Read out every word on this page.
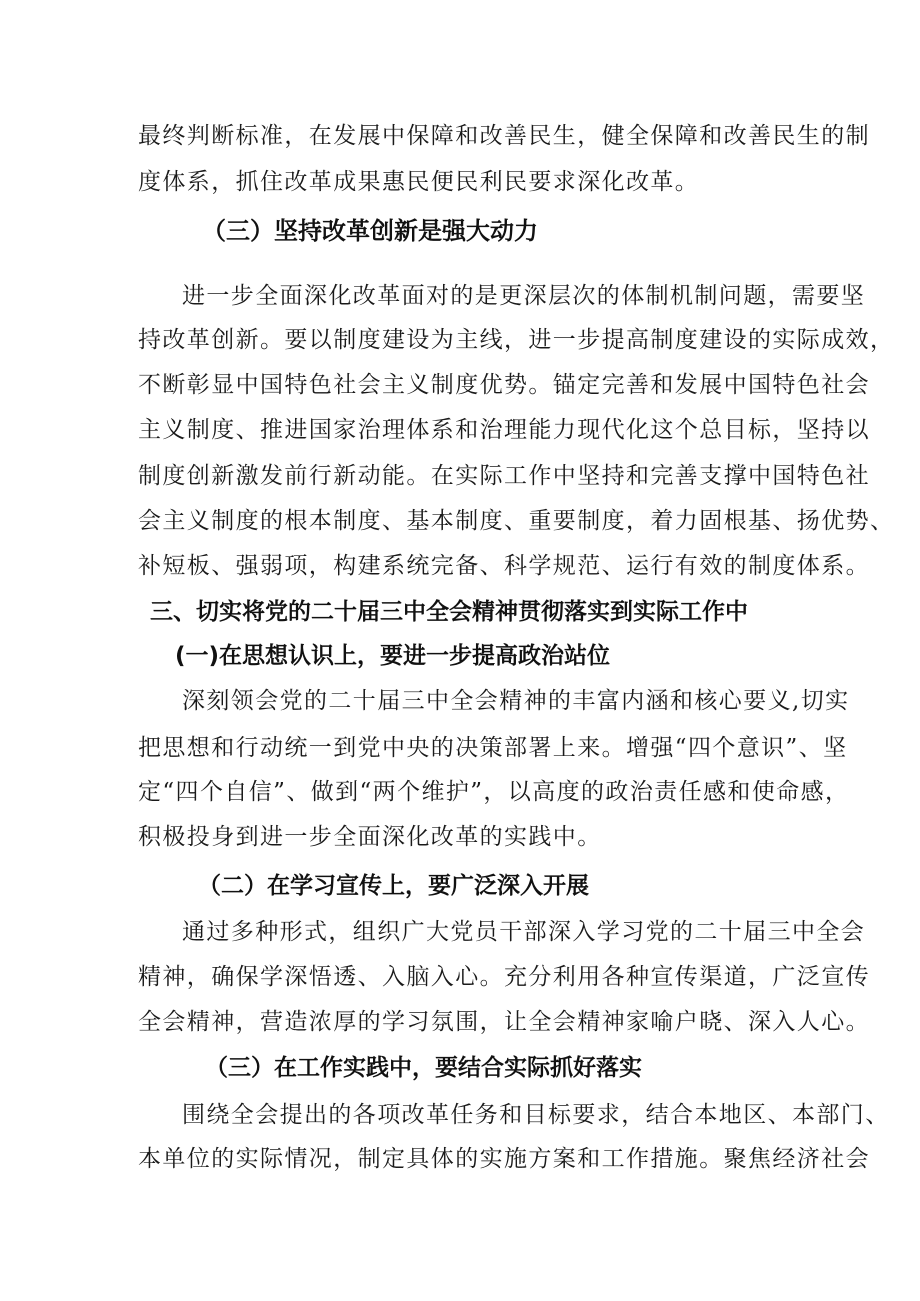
最终判断标准，在发展中保障和改善民生，健全保障和改善民生的制
度体系，抓住改革成果惠民便民利民要求深化改革。
（三）坚持改革创新是强大动力
进一步全面深化改革面对的是更深层次的体制机制问题，需要坚
持改革创新。要以制度建设为主线，进一步提高制度建设的实际成效，
不断彰显中国特色社会主义制度优势。锚定完善和发展中国特色社会
主义制度、推进国家治理体系和治理能力现代化这个总目标，坚持以
制度创新激发前行新动能。在实际工作中坚持和完善支撑中国特色社
会主义制度的根本制度、基本制度、重要制度，着力固根基、扬优势、
补短板、强弱项，构建系统完备、科学规范、运行有效的制度体系。
三、切实将党的二十届三中全会精神贯彻落实到实际工作中
(一)在思想认识上，要进一步提高政治站位
深刻领会党的二十届三中全会精神的丰富内涵和核心要义,切实
把思想和行动统一到党中央的决策部署上来。增强“四个意识”、坚
定“四个自信”、做到“两个维护”，以高度的政治责任感和使命感，
积极投身到进一步全面深化改革的实践中。
（二）在学习宣传上，要广泛深入开展
通过多种形式，组织广大党员干部深入学习党的二十届三中全会
精神，确保学深悟透、入脑入心。充分利用各种宣传渠道，广泛宣传
全会精神，营造浓厚的学习氛围，让全会精神家喻户晓、深入人心。
（三）在工作实践中，要结合实际抓好落实
围绕全会提出的各项改革任务和目标要求，结合本地区、本部门、
本单位的实际情况，制定具体的实施方案和工作措施。聚焦经济社会
